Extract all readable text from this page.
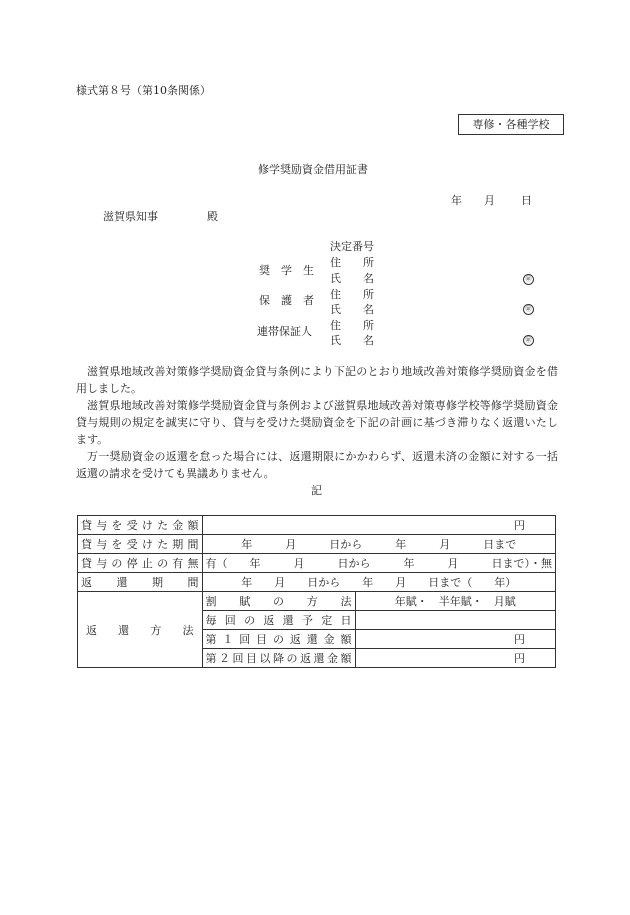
様式第８号（第10条関係）
専修・各種学校
修学奨励資金借用証書
年 月 日
滋賀県知事	殿
決定番号
奨　学　生
住　　所
氏　　名	㊞
保　護　者 住　　所
氏　　名	㊞
連帯保証人 住　　所
氏　　名	㊞

滋賀県地域改善対策修学奨励資金貸与条例により下記のとおり地域改善対策修学奨励資金を借用しました。

滋賀県地域改善対策修学奨励資金貸与条例および滋賀県地域改善対策専修学校等修学奨励資金貸与規則の規定を誠実に守り、貸与を受けた奨励資金を下記の計画に基づき滞りなく返還いたします。

万一奨励資金の返還を怠った場合には、返還期限にかかわらず、返還未済の金額に対する一括返還の請求を受けても異議ありません。

記
貸与を受けた金額	円	
貸与を受けた期間	年　　　月　　　日から　　　年　　　月　　　日まで	
貸与の停止の有無	有（　　年　　　月　　　日から　　　年　　　月　　　日まで）・無	
返　還　期　間	年　　月　　日から　　年　　月　　日まで（　　年）	
返　還　方　法	割　賦　の　方　法	年賦・　半年賦・　月賦
	毎 回 の 返 還 予 定 日	
	第 １ 回 目 の 返 還 金 額	円
	第２回目以降の返還金額	円
